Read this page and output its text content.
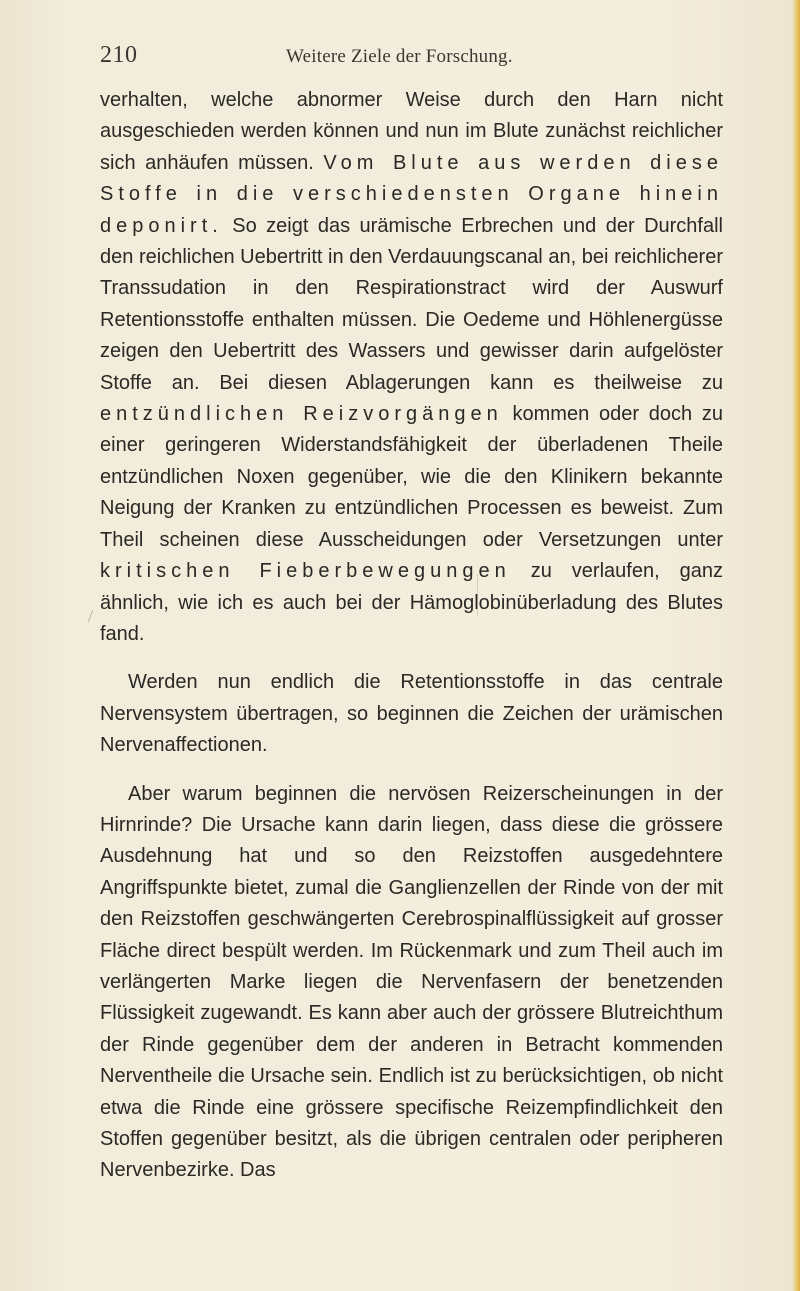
210	Weitere Ziele der Forschung.

verhalten, welche abnormer Weise durch den Harn nicht ausgeschieden werden können und nun im Blute zunächst reichlicher sich anhäufen müssen. Vom Blute aus werden diese Stoffe in die verschiedensten Organe hinein deponirt. So zeigt das urämische Erbrechen und der Durchfall den reichlichen Uebertritt in den Verdauungscanal an, bei reichlicherer Transsudation in den Respirationstract wird der Auswurf Retentionsstoffe enthalten müssen. Die Oedeme und Höhlenergüsse zeigen den Uebertritt des Wassers und gewisser darin aufgelöster Stoffe an. Bei diesen Ablagerungen kann es theilweise zu entzündlichen Reizvorgängen kommen oder doch zu einer geringeren Widerstandsfähigkeit der überladenen Theile entzündlichen Noxen gegenüber, wie die den Klinikern bekannte Neigung der Kranken zu entzündlichen Processen es beweist. Zum Theil scheinen diese Ausscheidungen oder Versetzungen unter kritischen Fieberbewegungen zu verlaufen, ganz ähnlich, wie ich es auch bei der Hämoglobinüberladung des Blutes fand.

Werden nun endlich die Retentionsstoffe in das centrale Nervensystem übertragen, so beginnen die Zeichen der urämischen Nervenaffectionen.

Aber warum beginnen die nervösen Reizerscheinungen in der Hirnrinde? Die Ursache kann darin liegen, dass diese die grössere Ausdehnung hat und so den Reizstoffen ausgedehntere Angriffspunkte bietet, zumal die Ganglienzellen der Rinde von der mit den Reizstoffen geschwängerten Cerebrospinalflüssigkeit auf grosser Fläche direct bespült werden. Im Rückenmark und zum Theil auch im verlängerten Marke liegen die Nervenfasern der benetzenden Flüssigkeit zugewandt. Es kann aber auch der grössere Blutreichthum der Rinde gegenüber dem der anderen in Betracht kommenden Nerventheile die Ursache sein. Endlich ist zu berücksichtigen, ob nicht etwa die Rinde eine grössere specifische Reizempfindlichkeit den Stoffen gegenüber besitzt, als die übrigen centralen oder peripheren Nervenbezirke. Das
